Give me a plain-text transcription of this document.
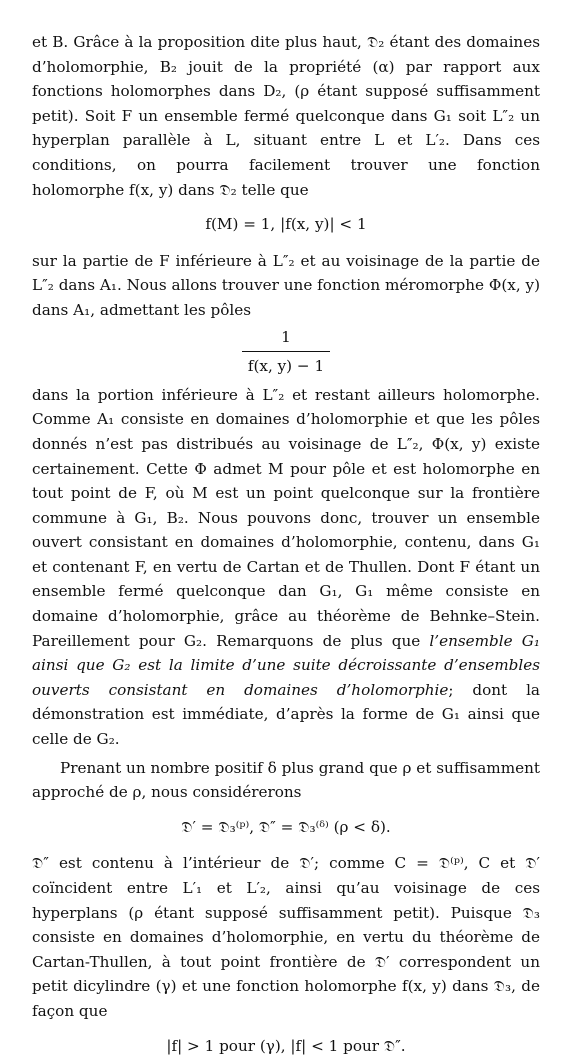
et B. Grâce à la proposition dite plus haut, 𝔇₂ étant des domaines d’holomorphie, B₂ jouit de la propriété (α) par rapport aux fonctions holomorphes dans D₂, (ρ étant supposé suffisamment petit). Soit F un ensemble fermé quelconque dans G₁ soit L″₂ un hyperplan parallèle à L, situant entre L et L′₂. Dans ces conditions, on pourra facilement trouver une fonction holomorphe f(x, y) dans 𝔇₂ telle que

f(M) = 1, |f(x, y)| < 1

sur la partie de F inférieure à L″₂ et au voisinage de la partie de L″₂ dans A₁. Nous allons trouver une fonction méromorphe Φ(x, y) dans A₁, admettant les pôles

$\frac{1}{f(x, y) - 1}$

dans la portion inférieure à L″₂ et restant ailleurs holomorphe. Comme A₁ consiste en domaines d’holomorphie et que les pôles donnés n’est pas distribués au voisinage de L″₂, Φ(x, y) existe certainement. Cette Φ admet M pour pôle et est holomorphe en tout point de F, où M est un point quelconque sur la frontière commune à G₁, B₂. Nous pouvons donc, trouver un ensemble ouvert consistant en domaines d’holomorphie, contenu, dans G₁ et contenant F, en vertu de Cartan et de Thullen. Dont F étant un ensemble fermé quelconque dan G₁, G₁ même consiste en domaine d’holomorphie, grâce au théorème de Behnke–Stein. Pareillement pour G₂. Remarquons de plus que l’ensemble G₁ ainsi que G₂ est la limite d’une suite décroissante d’ensembles ouverts consistant en domaines d’holomorphie; dont la démonstration est immédiate, d’après la forme de G₁ ainsi que celle de G₂.

Prenant un nombre positif δ plus grand que ρ et suffisamment approché de ρ, nous considérerons

𝔇′ = 𝔇₃⁽ᵖ⁾, 𝔇″ = 𝔇₃⁽ᵟ⁾ (ρ < δ).

𝔇″ est contenu à l’intérieur de 𝔇′; comme C = 𝔇⁽ᵖ⁾, C et 𝔇′ coïncident entre L′₁ et L′₂, ainsi qu’au voisinage de ces hyperplans (ρ étant supposé suffisamment petit). Puisque 𝔇₃ consiste en domaines d’holomorphie, en vertu du théorème de Cartan-Thullen, à tout point frontière de 𝔇′ correspondent un petit dicylindre (γ) et une fonction holomorphe f(x, y) dans 𝔇₃, de façon que

|f| > 1 pour (γ), |f| < 1 pour 𝔇″.
